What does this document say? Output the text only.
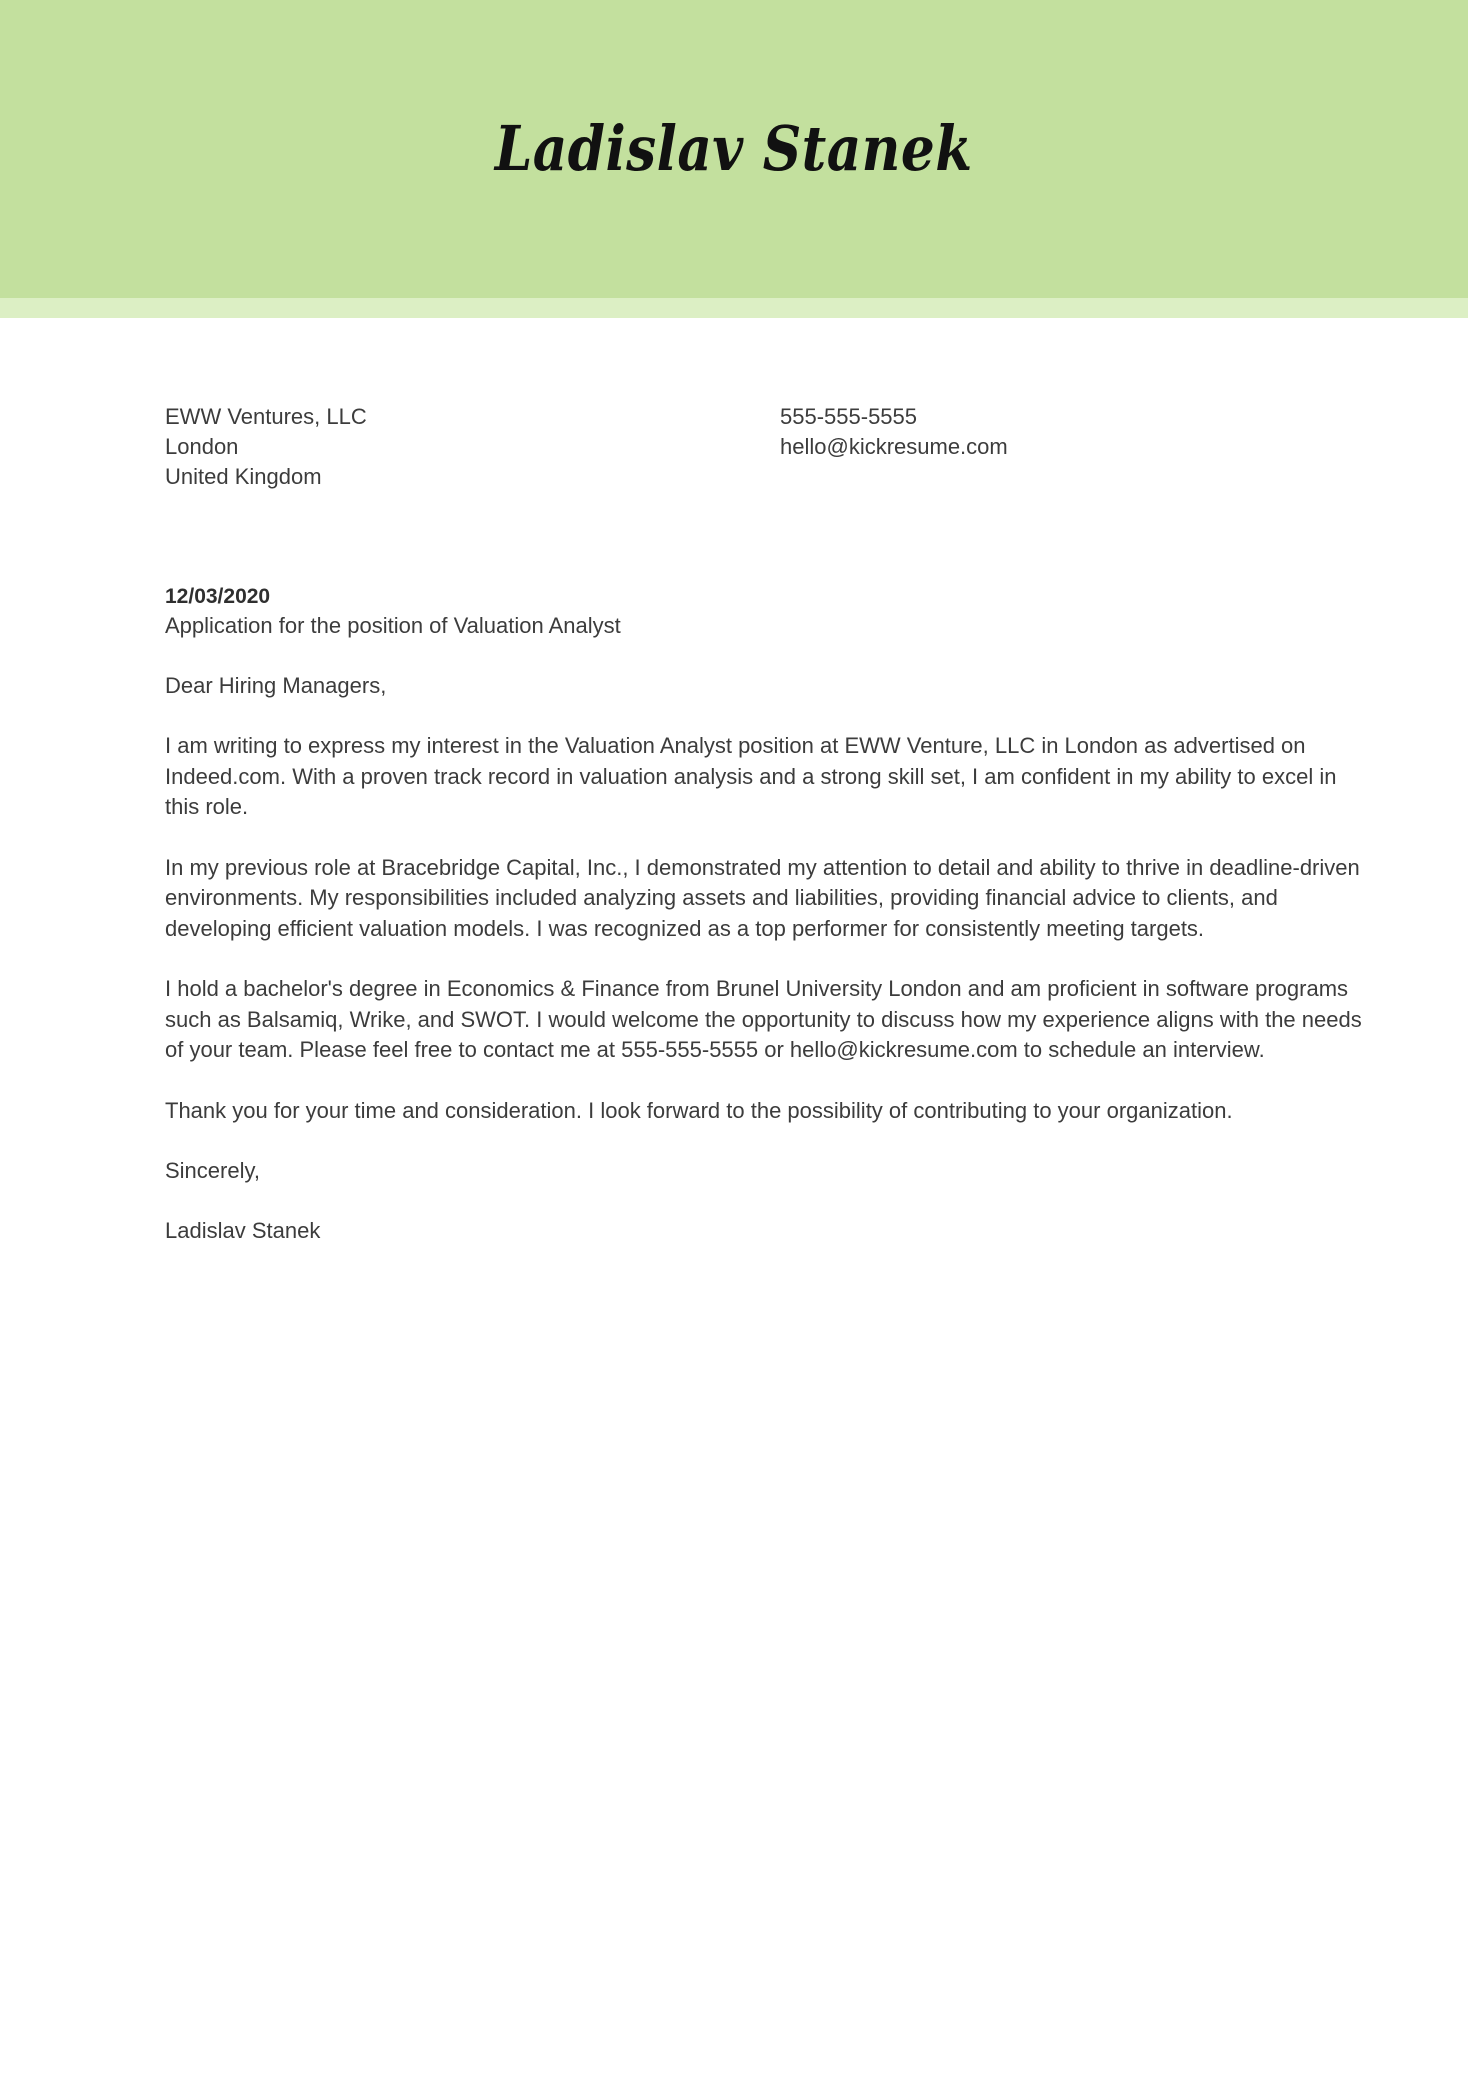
Ladislav Stanek
EWW Ventures, LLC
London
United Kingdom
555-555-5555
hello@kickresume.com
12/03/2020
Application for the position of Valuation Analyst
Dear Hiring Managers,

I am writing to express my interest in the Valuation Analyst position at EWW Venture, LLC in London as advertised on Indeed.com. With a proven track record in valuation analysis and a strong skill set, I am confident in my ability to excel in this role.

In my previous role at Bracebridge Capital, Inc., I demonstrated my attention to detail and ability to thrive in deadline-driven environments. My responsibilities included analyzing assets and liabilities, providing financial advice to clients, and developing efficient valuation models. I was recognized as a top performer for consistently meeting targets.

I hold a bachelor's degree in Economics & Finance from Brunel University London and am proficient in software programs such as Balsamiq, Wrike, and SWOT. I would welcome the opportunity to discuss how my experience aligns with the needs of your team. Please feel free to contact me at 555-555-5555 or hello@kickresume.com to schedule an interview.

Thank you for your time and consideration. I look forward to the possibility of contributing to your organization.

Sincerely,
Ladislav Stanek
